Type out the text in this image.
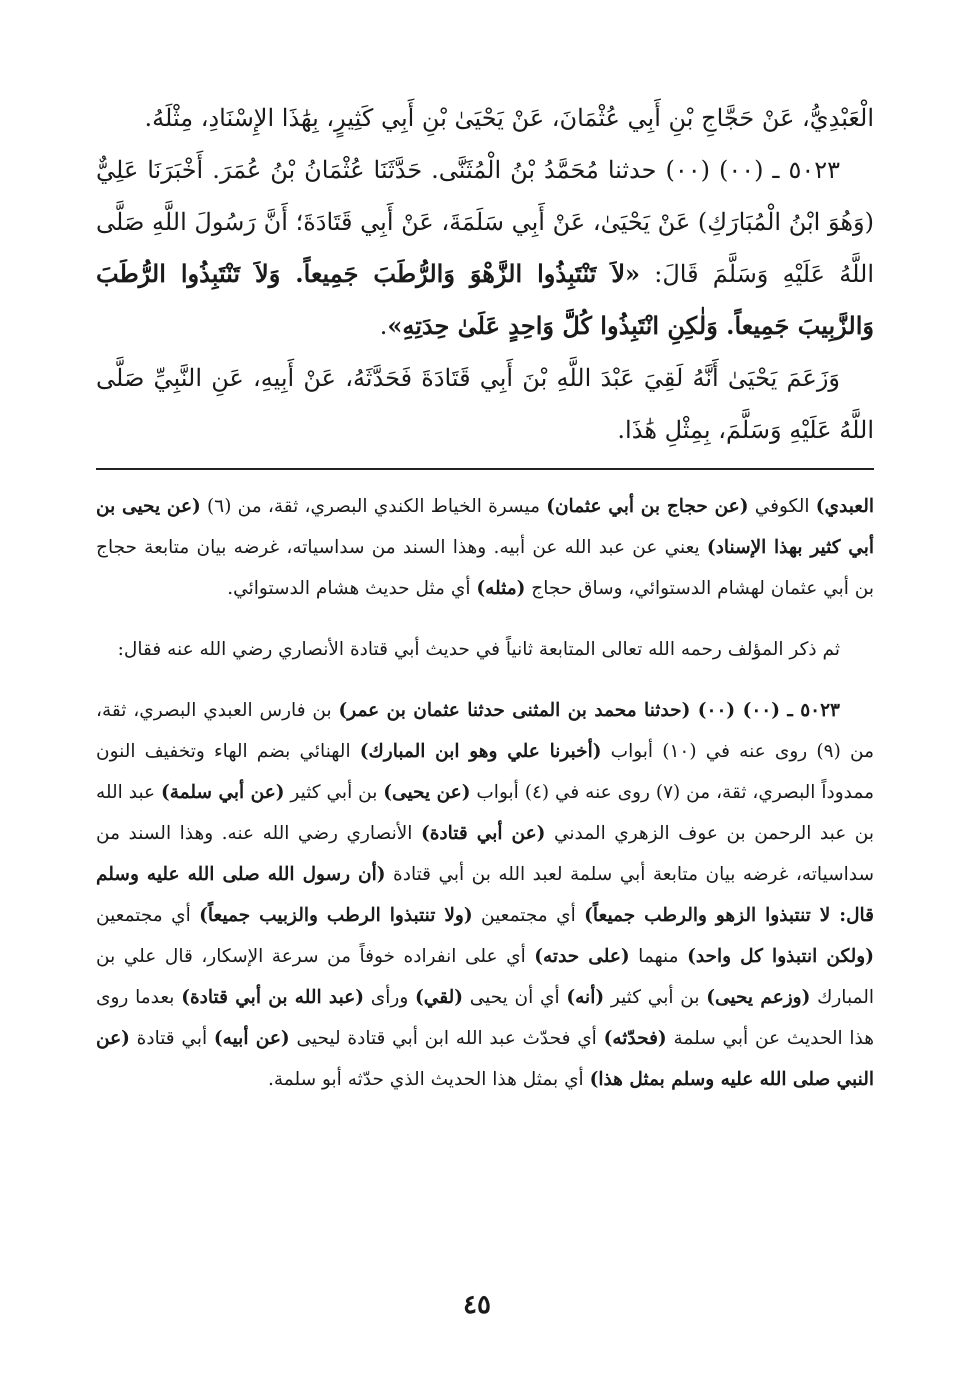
الْعَبْدِيُّ، عَنْ حَجَّاجِ بْنِ أَبِي عُثْمَانَ، عَنْ يَحْيَىٰ بْنِ أَبِي كَثِيرٍ، بِهَٰذَا الإِسْنَادِ، مِثْلَهُ.

٥٠٢٣ ـ (٠٠) (٠٠) حدثنا مُحَمَّدُ بْنُ الْمُثَنَّى. حَدَّثَنَا عُثْمَانُ بْنُ عُمَرَ. أَخْبَرَنَا عَلِيٌّ (وَهُوَ ابْنُ الْمُبَارَكِ) عَنْ يَحْيَىٰ، عَنْ أَبِي سَلَمَةَ، عَنْ أَبِي قَتَادَةَ؛ أَنَّ رَسُولَ اللَّهِ صَلَّى اللَّهُ عَلَيْهِ وَسَلَّمَ قَالَ: «لاَ تَنْتَبِذُوا الزَّهْوَ وَالرُّطَبَ جَمِيعاً. وَلاَ تَنْتَبِذُوا الرُّطَبَ وَالزَّبِيبَ جَمِيعاً. وَلٰكِنِ انْتَبِذُوا كُلَّ وَاحِدٍ عَلَىٰ حِدَتِهِ».

وَزَعَمَ يَحْيَىٰ أَنَّهُ لَقِيَ عَبْدَ اللَّهِ بْنَ أَبِي قَتَادَةَ فَحَدَّثَهُ، عَنْ أَبِيهِ، عَنِ النَّبِيِّ صَلَّى اللَّهُ عَلَيْهِ وَسَلَّمَ، بِمِثْلِ هَٰذَا.

العبدي) الكوفي (عن حجاج بن أبي عثمان) ميسرة الخياط الكندي البصري، ثقة، من (٦) (عن يحيى بن أبي كثير بهذا الإسناد) يعني عن عبد الله عن أبيه. وهذا السند من سداسياته، غرضه بيان متابعة حجاج بن أبي عثمان لهشام الدستوائي، وساق حجاج (مثله) أي مثل حديث هشام الدستوائي.

ثم ذكر المؤلف رحمه الله تعالى المتابعة ثانياً في حديث أبي قتادة الأنصاري رضي الله عنه فقال:

٥٠٢٣ ـ (٠٠) (٠٠) (حدثنا محمد بن المثنى حدثنا عثمان بن عمر) بن فارس العبدي البصري، ثقة، من (٩) روى عنه في (١٠) أبواب (أخبرنا علي وهو ابن المبارك) الهنائي بضم الهاء وتخفيف النون ممدوداً البصري، ثقة، من (٧) روى عنه في (٤) أبواب (عن يحيى) بن أبي كثير (عن أبي سلمة) عبد الله بن عبد الرحمن بن عوف الزهري المدني (عن أبي قتادة) الأنصاري رضي الله عنه. وهذا السند من سداسياته، غرضه بيان متابعة أبي سلمة لعبد الله بن أبي قتادة (أن رسول الله صلى الله عليه وسلم قال: لا تنتبذوا الزهو والرطب جميعاً) أي مجتمعين (ولا تنتبذوا الرطب والزبيب جميعاً) أي مجتمعين (ولكن انتبذوا كل واحد) منهما (على حدته) أي على انفراده خوفاً من سرعة الإسكار، قال علي بن المبارك (وزعم يحيى) بن أبي كثير (أنه) أي أن يحيى (لقي) ورأى (عبد الله بن أبي قتادة) بعدما روى هذا الحديث عن أبي سلمة (فحدّثه) أي فحدّث عبد الله ابن أبي قتادة ليحيى (عن أبيه) أبي قتادة (عن النبي صلى الله عليه وسلم بمثل هذا) أي بمثل هذا الحديث الذي حدّثه أبو سلمة.

٤٥
